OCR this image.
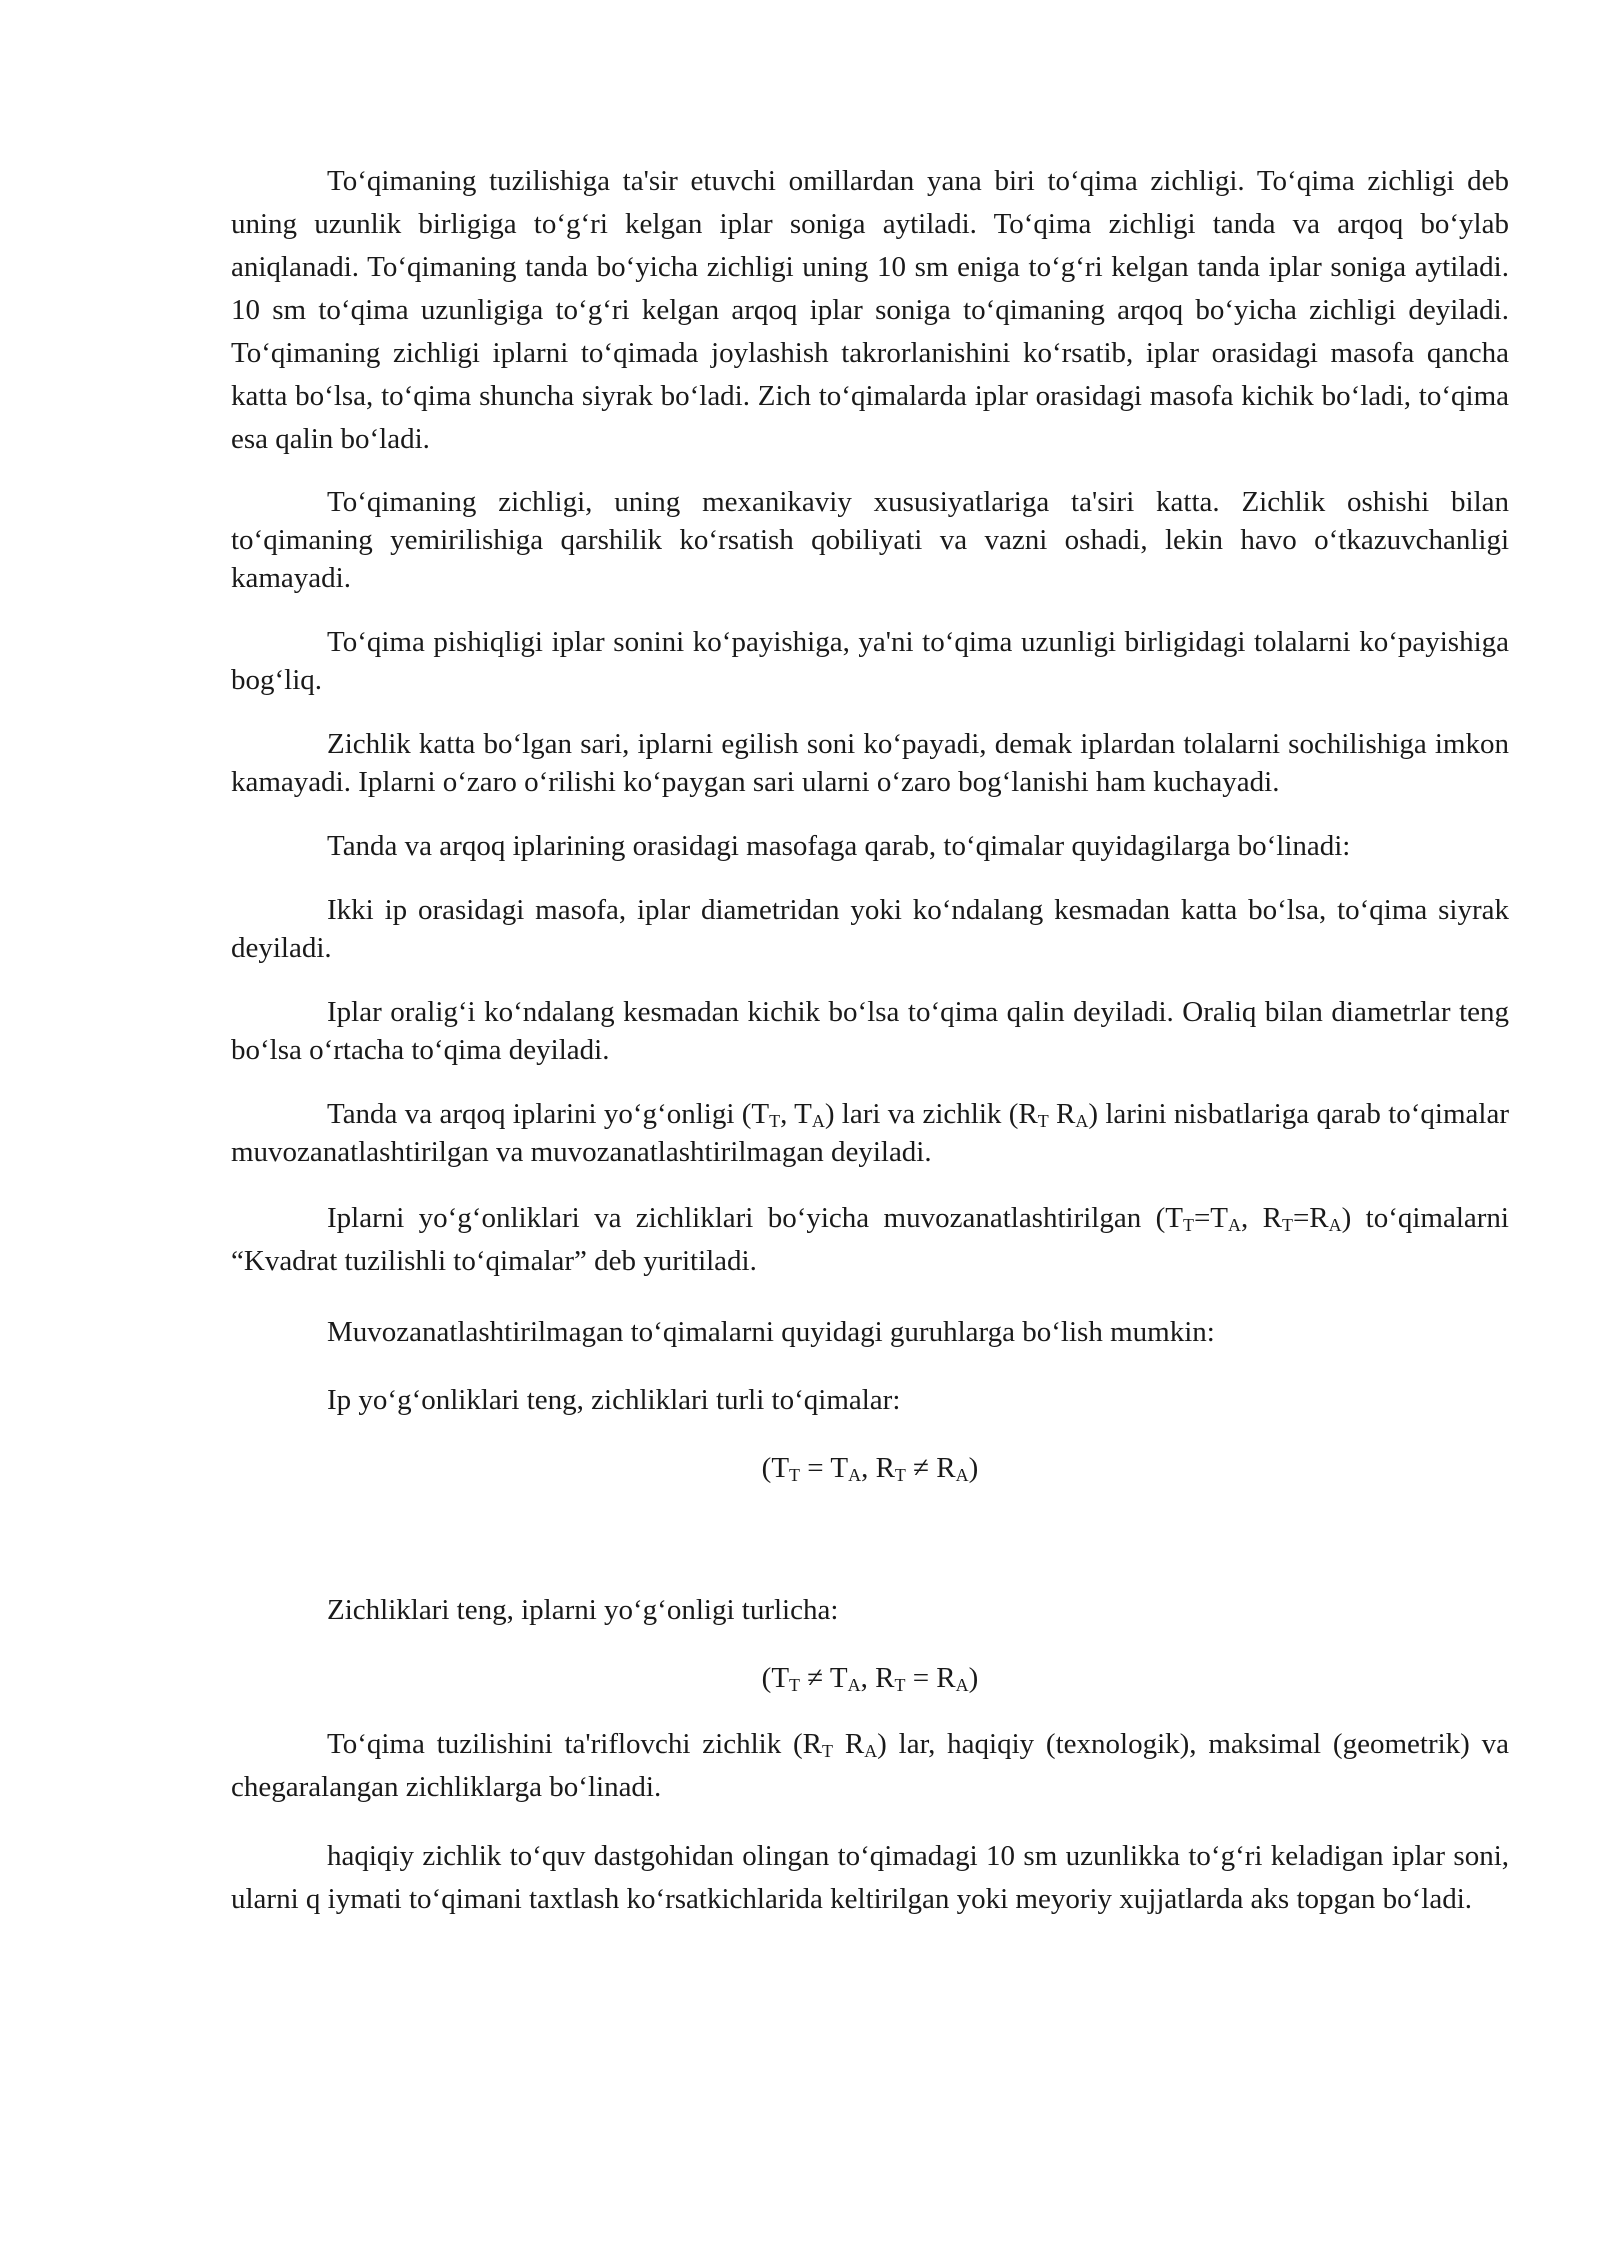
To‘qimaning tuzilishiga ta'sir etuvchi omillardan yana biri to‘qima zichligi. To‘qima zichligi deb uning uzunlik birligiga to‘g‘ri kelgan iplar soniga aytiladi. To‘qima zichligi tanda va arqoq bo‘ylab aniqlanadi. To‘qimaning tanda bo‘yicha zichligi uning 10 sm eniga to‘g‘ri kelgan tanda iplar soniga aytiladi. 10 sm to‘qima uzunligiga to‘g‘ri kelgan arqoq iplar soniga to‘qimaning arqoq bo‘yicha zichligi deyiladi. To‘qimaning zichligi iplarni to‘qimada joylashish takrorlanishini ko‘rsatib, iplar orasidagi masofa qancha katta bo‘lsa, to‘qima shuncha siyrak bo‘ladi. Zich to‘qimalarda iplar orasidagi masofa kichik bo‘ladi, to‘qima esa qalin bo‘ladi.

To‘qimaning zichligi, uning mexanikaviy xususiyatlariga ta'siri katta. Zichlik oshishi bilan to‘qimaning yemirilishiga qarshilik ko‘rsatish qobiliyati va vazni oshadi, lekin havo o‘tkazuvchanligi kamayadi.

To‘qima pishiqligi iplar sonini ko‘payishiga, ya'ni to‘qima uzunligi birligidagi tolalarni ko‘payishiga bog‘liq.

Zichlik katta bo‘lgan sari, iplarni egilish soni ko‘payadi, demak iplardan tolalarni sochilishiga imkon kamayadi. Iplarni o‘zaro o‘rilishi ko‘paygan sari ularni o‘zaro bog‘lanishi ham kuchayadi.

Tanda va arqoq iplarining orasidagi masofaga qarab, to‘qimalar quyidagilarga bo‘linadi:

Ikki ip orasidagi masofa, iplar diametridan yoki ko‘ndalang kesmadan katta bo‘lsa, to‘qima siyrak deyiladi.

Iplar oralig‘i ko‘ndalang kesmadan kichik bo‘lsa to‘qima qalin deyiladi. Oraliq bilan diametrlar teng bo‘lsa o‘rtacha to‘qima deyiladi.

Tanda va arqoq iplarini yo‘g‘onligi ($T_T$, $T_A$) lari va zichlik ($R_T$ $R_A$) larini nisbatlariga qarab to‘qimalar muvozanatlashtirilgan va muvozanatlashtirilmagan deyiladi.

Iplarni yo‘g‘onliklari va zichliklari bo‘yicha muvozanatlashtirilgan ($T_T=T_A$, $R_T=R_A$) to‘qimalarni “Kvadrat tuzilishli to‘qimalar” deb yuritiladi.

Muvozanatlashtirilmagan to‘qimalarni quyidagi guruhlarga bo‘lish mumkin:

Ip yo‘g‘onliklari teng, zichliklari turli to‘qimalar:

($T_T = T_A$, $R_T \ne R_A$)

Zichliklari teng, iplarni yo‘g‘onligi turlicha:

($T_T \ne T_A$, $R_T = R_A$)

To‘qima tuzilishini ta'riflovchi zichlik ($R_T$ $R_A$) lar, haqiqiy (texnologik), maksimal (geometrik) va chegaralangan zichliklarga bo‘linadi.

haqiqiy zichlik to‘quv dastgohidan olingan to‘qimadagi 10 sm uzunlikka to‘g‘ri keladigan iplar soni, ularni q iymati to‘qimani taxtlash ko‘rsatkichlarida keltirilgan yoki meyoriy xujjatlarda aks topgan bo‘ladi.
